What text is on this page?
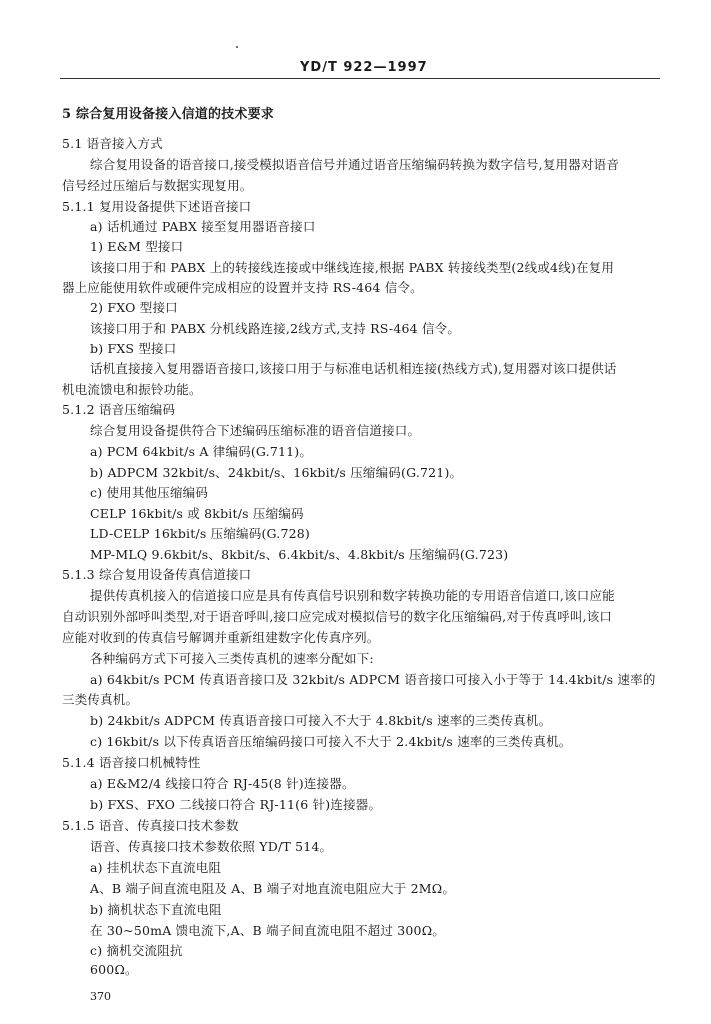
YD/T 922—1997
5 综合复用设备接入信道的技术要求
5.1 语音接入方式
综合复用设备的语音接口,接受模拟语音信号并通过语音压缩编码转换为数字信号,复用器对语音
信号经过压缩后与数据实现复用。
5.1.1 复用设备提供下述语音接口
a) 话机通过 PABX 接至复用器语音接口
1) E&M 型接口
该接口用于和 PABX 上的转接线连接或中继线连接,根据 PABX 转接线类型(2线或4线)在复用
器上应能使用软件或硬件完成相应的设置并支持 RS-464 信令。
2) FXO 型接口
该接口用于和 PABX 分机线路连接,2线方式,支持 RS-464 信令。
b) FXS 型接口
话机直接接入复用器语音接口,该接口用于与标准电话机相连接(热线方式),复用器对该口提供话
机电流馈电和振铃功能。
5.1.2 语音压缩编码
综合复用设备提供符合下述编码压缩标准的语音信道接口。
a) PCM 64kbit/s A 律编码(G.711)。
b) ADPCM 32kbit/s、24kbit/s、16kbit/s 压缩编码(G.721)。
c) 使用其他压缩编码
CELP 16kbit/s 或 8kbit/s 压缩编码
LD-CELP 16kbit/s 压缩编码(G.728)
MP-MLQ 9.6kbit/s、8kbit/s、6.4kbit/s、4.8kbit/s 压缩编码(G.723)
5.1.3 综合复用设备传真信道接口
提供传真机接入的信道接口应是具有传真信号识别和数字转换功能的专用语音信道口,该口应能
自动识别外部呼叫类型,对于语音呼叫,接口应完成对模拟信号的数字化压缩编码,对于传真呼叫,该口
应能对收到的传真信号解调并重新组建数字化传真序列。
各种编码方式下可接入三类传真机的速率分配如下:
a) 64kbit/s PCM 传真语音接口及 32kbit/s ADPCM 语音接口可接入小于等于 14.4kbit/s 速率的
三类传真机。
b) 24kbit/s ADPCM 传真语音接口可接入不大于 4.8kbit/s 速率的三类传真机。
c) 16kbit/s 以下传真语音压缩编码接口可接入不大于 2.4kbit/s 速率的三类传真机。
5.1.4 语音接口机械特性
a) E&M2/4 线接口符合 RJ-45(8 针)连接器。
b) FXS、FXO 二线接口符合 RJ-11(6 针)连接器。
5.1.5 语音、传真接口技术参数
语音、传真接口技术参数依照 YD/T 514。
a) 挂机状态下直流电阻
A、B 端子间直流电阻及 A、B 端子对地直流电阻应大于 2MΩ。
b) 摘机状态下直流电阻
在 30~50mA 馈电流下,A、B 端子间直流电阻不超过 300Ω。
c) 摘机交流阻抗
600Ω。
370
